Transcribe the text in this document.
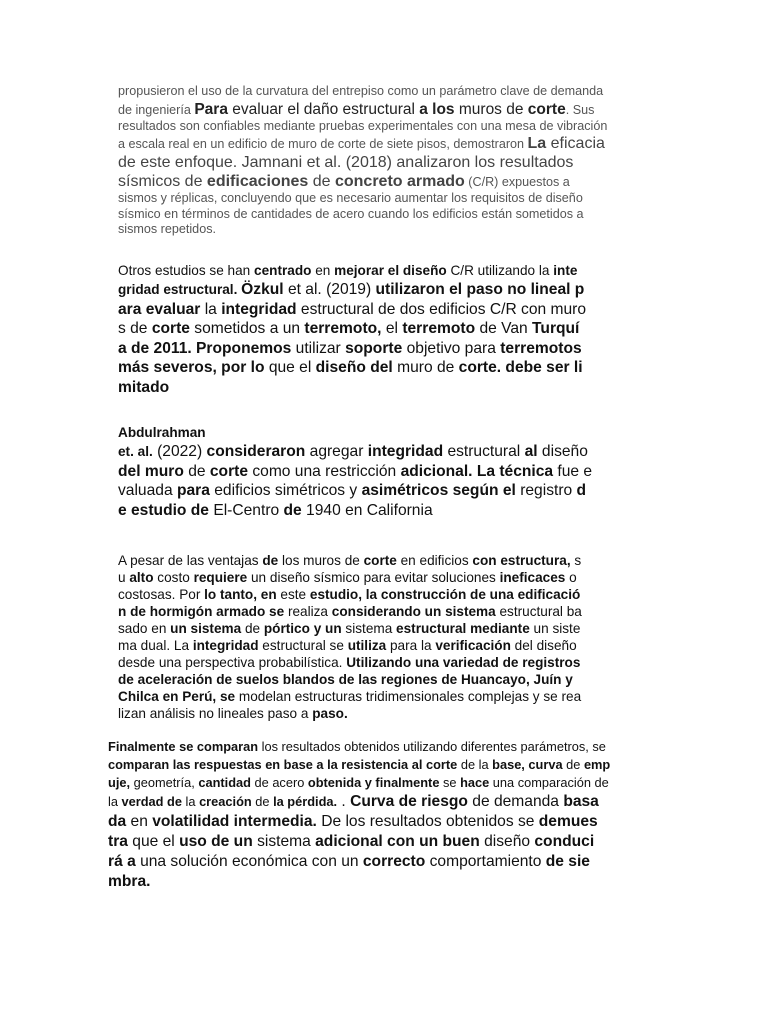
propusieron el uso de la curvatura del entrepiso como un parámetro clave de demanda
de ingeniería Para evaluar el daño estructural a los muros de corte. Sus
resultados son confiables mediante pruebas experimentales con una mesa de vibración
a escala real en un edificio de muro de corte de siete pisos, demostraron La eficacia
de este enfoque. Jamnani et al. (2018) analizaron los resultados
sísmicos de edificaciones de concreto armado (C/R) expuestos a
sismos y réplicas, concluyendo que es necesario aumentar los requisitos de diseño
sísmico en términos de cantidades de acero cuando los edificios están sometidos a
sismos repetidos.
Otros estudios se han centrado en mejorar el diseño C/R utilizando la inte
gridad estructural. Özkul et al. (2019) utilizaron el paso no lineal p
ara evaluar la integridad estructural de dos edificios C/R con muro
s de corte sometidos a un terremoto, el terremoto de Van Turquí
a de 2011. Proponemos utilizar soporte objetivo para terremotos
más severos, por lo que el diseño del muro de corte. debe ser li
mitado
Abdulrahman
et. al. (2022) consideraron agregar integridad estructural al diseño
del muro de corte como una restricción adicional. La técnica fue e
valuada para edificios simétricos y asimétricos según el registro d
e estudio de El-Centro de 1940 en California
A pesar de las ventajas de los muros de corte en edificios con estructura, s
u alto costo requiere un diseño sísmico para evitar soluciones ineficaces o
costosas. Por lo tanto, en este estudio, la construcción de una edificació
n de hormigón armado se realiza considerando un sistema estructural ba
sado en un sistema de pórtico y un sistema estructural mediante un siste
ma dual. La integridad estructural se utiliza para la verificación del diseño
desde una perspectiva probabilística. Utilizando una variedad de registros
de aceleración de suelos blandos de las regiones de Huancayo, Juín y
Chilca en Perú, se modelan estructuras tridimensionales complejas y se rea
lizan análisis no lineales paso a paso.
Finalmente se comparan los resultados obtenidos utilizando diferentes parámetros, se
comparan las respuestas en base a la resistencia al corte de la base, curva de emp
uje, geometría, cantidad de acero obtenida y finalmente se hace una comparación de
la verdad de la creación de la pérdida. . Curva de riesgo de demanda basa
da en volatilidad intermedia. De los resultados obtenidos se demues
tra que el uso de un sistema adicional con un buen diseño conduci
rá a una solución económica con un correcto comportamiento de sie
mbra.
